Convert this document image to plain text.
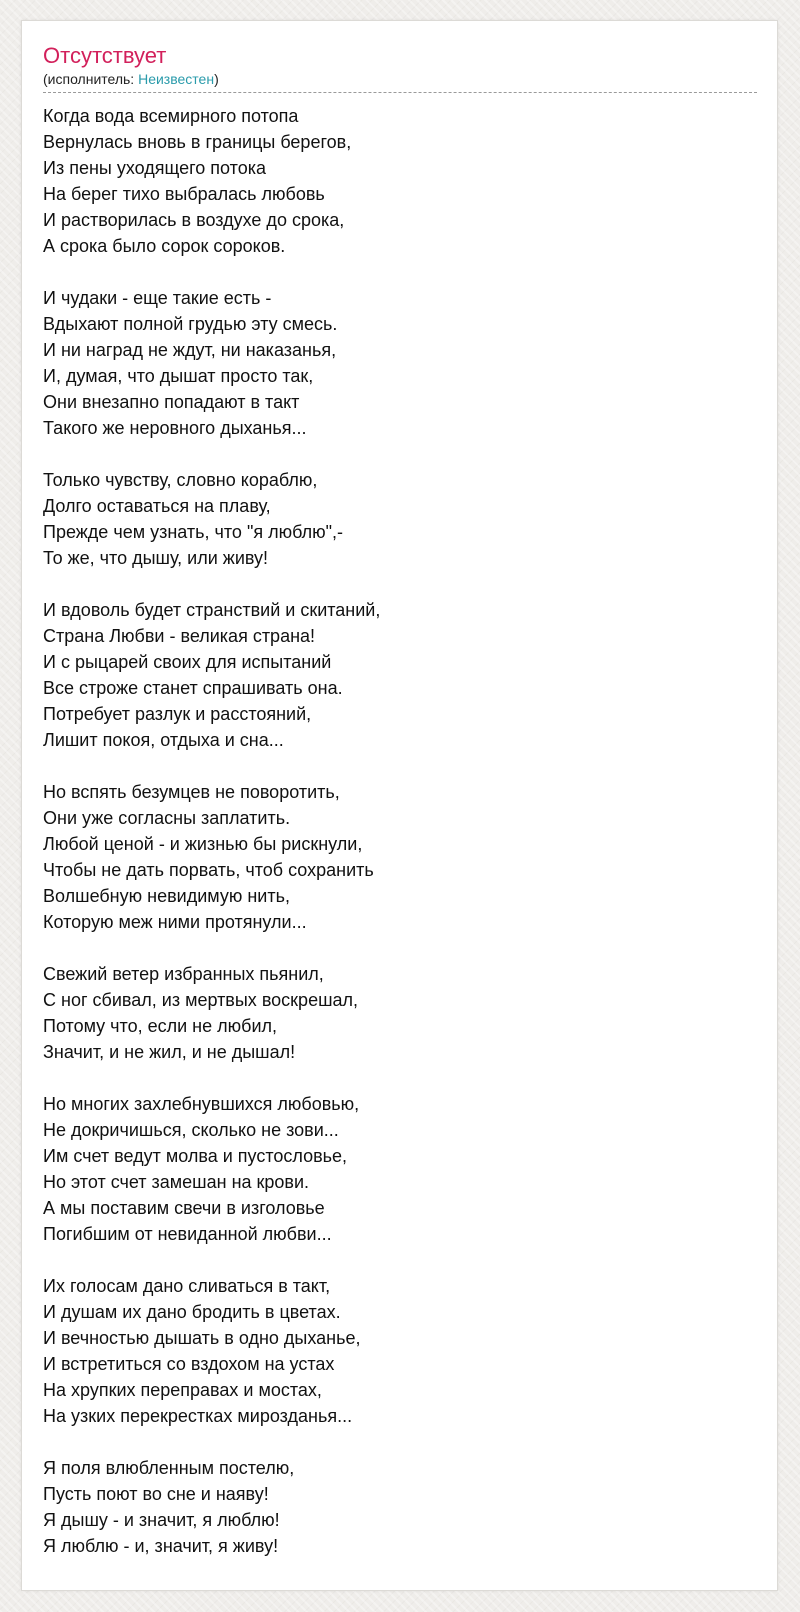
Отсутствует
(исполнитель: Неизвестен)
Когда вода всемирного потопа
Вернулась вновь в границы берегов,
Из пены уходящего потока
На берег тихо выбралась любовь
И растворилась в воздухе до срока,
А срока было сорок сороков.
И чудаки - еще такие есть -
Вдыхают полной грудью эту смесь.
И ни наград не ждут, ни наказанья,
И, думая, что дышат просто так,
Они внезапно попадают в такт
Такого же неровного дыханья...
Только чувству, словно кораблю,
Долго оставаться на плаву,
Прежде чем узнать, что "я люблю",-
То же, что дышу, или живу!
И вдоволь будет странствий и скитаний,
Страна Любви - великая страна!
И с рыцарей своих для испытаний
Все строже станет спрашивать она.
Потребует разлук и расстояний,
Лишит покоя, отдыха и сна...
Но вспять безумцев не поворотить,
Они уже согласны заплатить.
Любой ценой - и жизнью бы рискнули,
Чтобы не дать порвать, чтоб сохранить
Волшебную невидимую нить,
Которую меж ними протянули...
Свежий ветер избранных пьянил,
С ног сбивал, из мертвых воскрешал,
Потому что, если не любил,
Значит, и не жил, и не дышал!
Но многих захлебнувшихся любовью,
Не докричишься, сколько не зови...
Им счет ведут молва и пустословье,
Но этот счет замешан на крови.
А мы поставим свечи в изголовье
Погибшим от невиданной любви...
Их голосам дано сливаться в такт,
И душам их дано бродить в цветах.
И вечностью дышать в одно дыханье,
И встретиться со вздохом на устах
На хрупких переправах и мостах,
На узких перекрестках мирозданья...
Я поля влюбленным постелю,
Пусть поют во сне и наяву!
Я дышу - и значит, я люблю!
Я люблю - и, значит, я живу!
